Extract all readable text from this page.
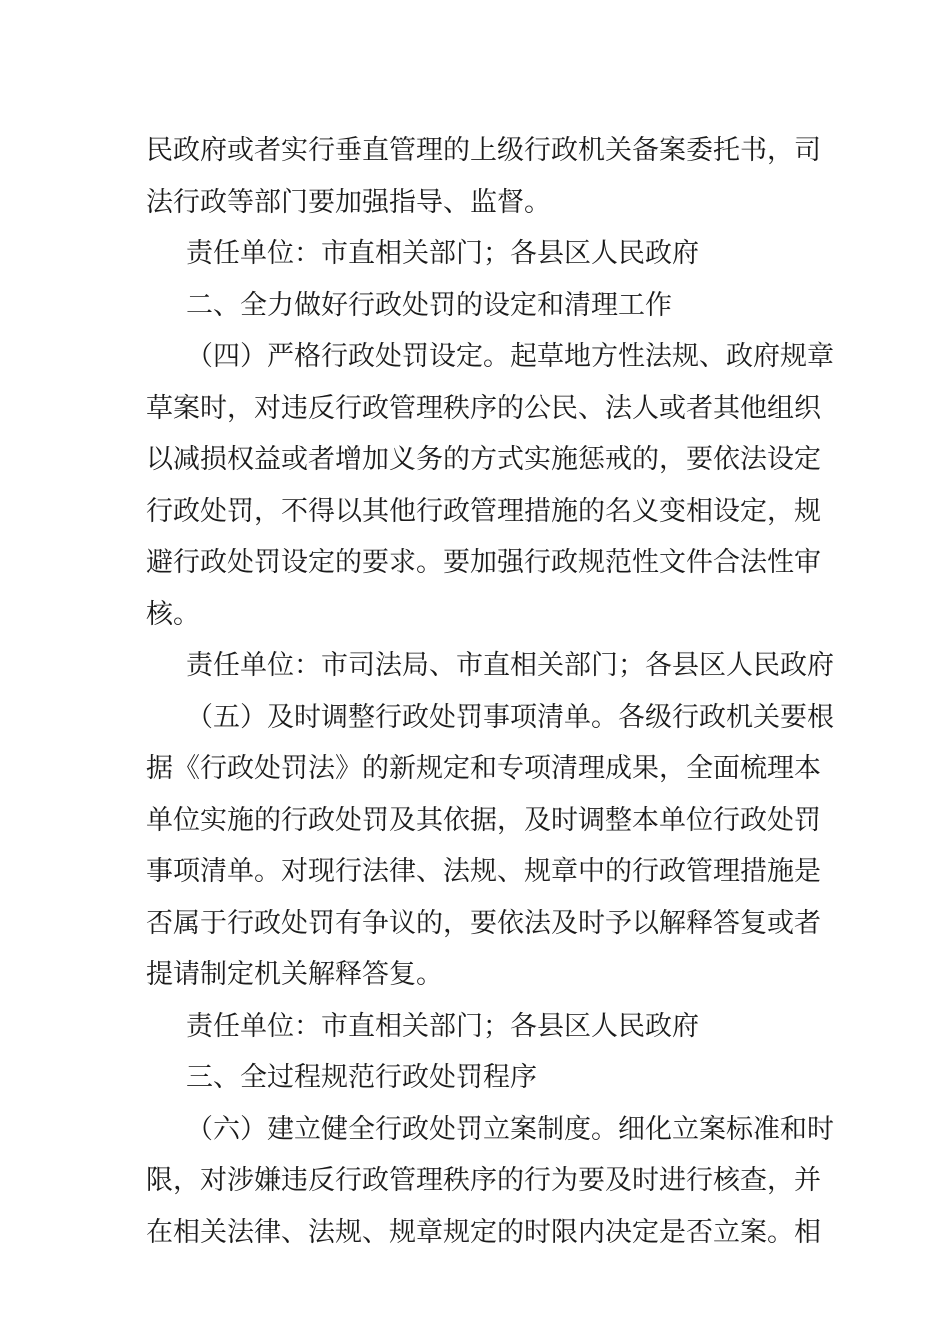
民政府或者实行垂直管理的上级行政机关备案委托书，司
法行政等部门要加强指导、监督。
责任单位：市直相关部门；各县区人民政府
二、全力做好行政处罚的设定和清理工作
（四）严格行政处罚设定。起草地方性法规、政府规章
草案时，对违反行政管理秩序的公民、法人或者其他组织
以减损权益或者增加义务的方式实施惩戒的，要依法设定
行政处罚，不得以其他行政管理措施的名义变相设定，规
避行政处罚设定的要求。要加强行政规范性文件合法性审
核。
责任单位：市司法局、市直相关部门；各县区人民政府
（五）及时调整行政处罚事项清单。各级行政机关要根
据《行政处罚法》的新规定和专项清理成果，全面梳理本
单位实施的行政处罚及其依据，及时调整本单位行政处罚
事项清单。对现行法律、法规、规章中的行政管理措施是
否属于行政处罚有争议的，要依法及时予以解释答复或者
提请制定机关解释答复。
责任单位：市直相关部门；各县区人民政府
三、全过程规范行政处罚程序
（六）建立健全行政处罚立案制度。细化立案标准和时
限，对涉嫌违反行政管理秩序的行为要及时进行核查，并
在相关法律、法规、规章规定的时限内决定是否立案。相
